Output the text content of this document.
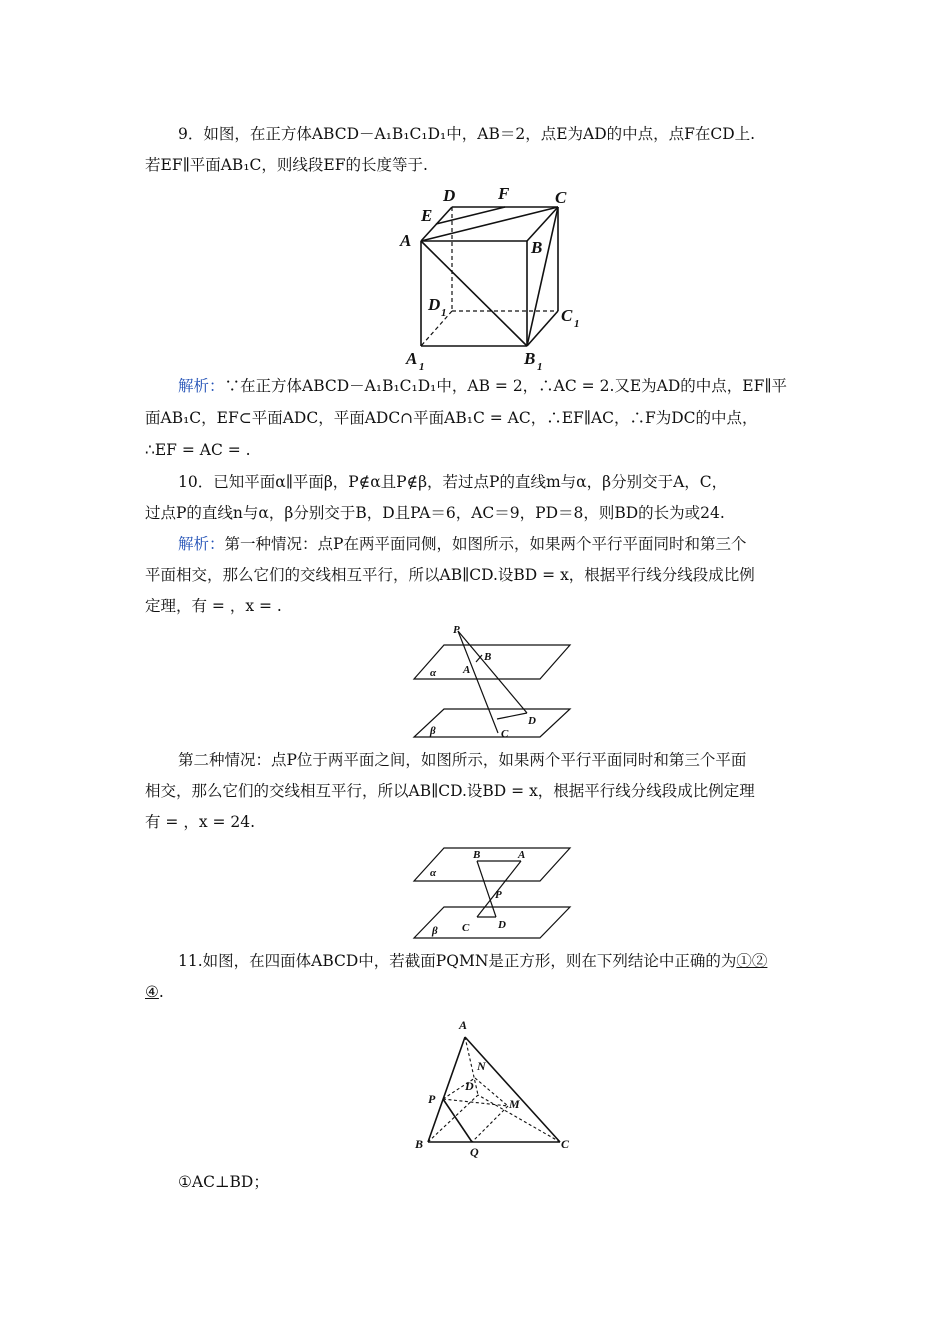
9．如图，在正方体ABCD－A₁B₁C₁D₁中，AB＝2，点E为AD的中点，点F在CD上.
若EF∥平面AB₁C，则线段EF的长度等于.
D	F	C
E
A	B
D 1	C 1
A 1	B 1
解析：∵在正方体ABCD－A₁B₁C₁D₁中，AB = 2，∴AC = 2.又E为AD的中点，EF∥平
面AB₁C，EF⊂平面ADC，平面ADC∩平面AB₁C = AC，∴EF∥AC，∴F为DC的中点，
∴EF = AC = .
10．已知平面α∥平面β，P∉α且P∉β，若过点P的直线m与α，β分别交于A，C，
过点P的直线n与α，β分别交于B，D且PA＝6，AC＝9，PD＝8，则BD的长为或24.
解析：第一种情况：点P在两平面同侧，如图所示，如果两个平行平面同时和第三个
平面相交，那么它们的交线相互平行，所以AB∥CD.设BD = x，根据平行线分线段成比例
定理，有 = ，x = .
P
B
A
α
D
C
β
第二种情况：点P位于两平面之间，如图所示，如果两个平行平面同时和第三个平面
相交，那么它们的交线相互平行，所以AB∥CD.设BD = x，根据平行线分线段成比例定理
有 = ，x = 24.
B	A
α
P
C	D
β
11.如图，在四面体ABCD中，若截面PQMN是正方形，则在下列结论中正确的为①②
④.
A
N
D
P	M
B
Q
C
①AC⊥BD；
